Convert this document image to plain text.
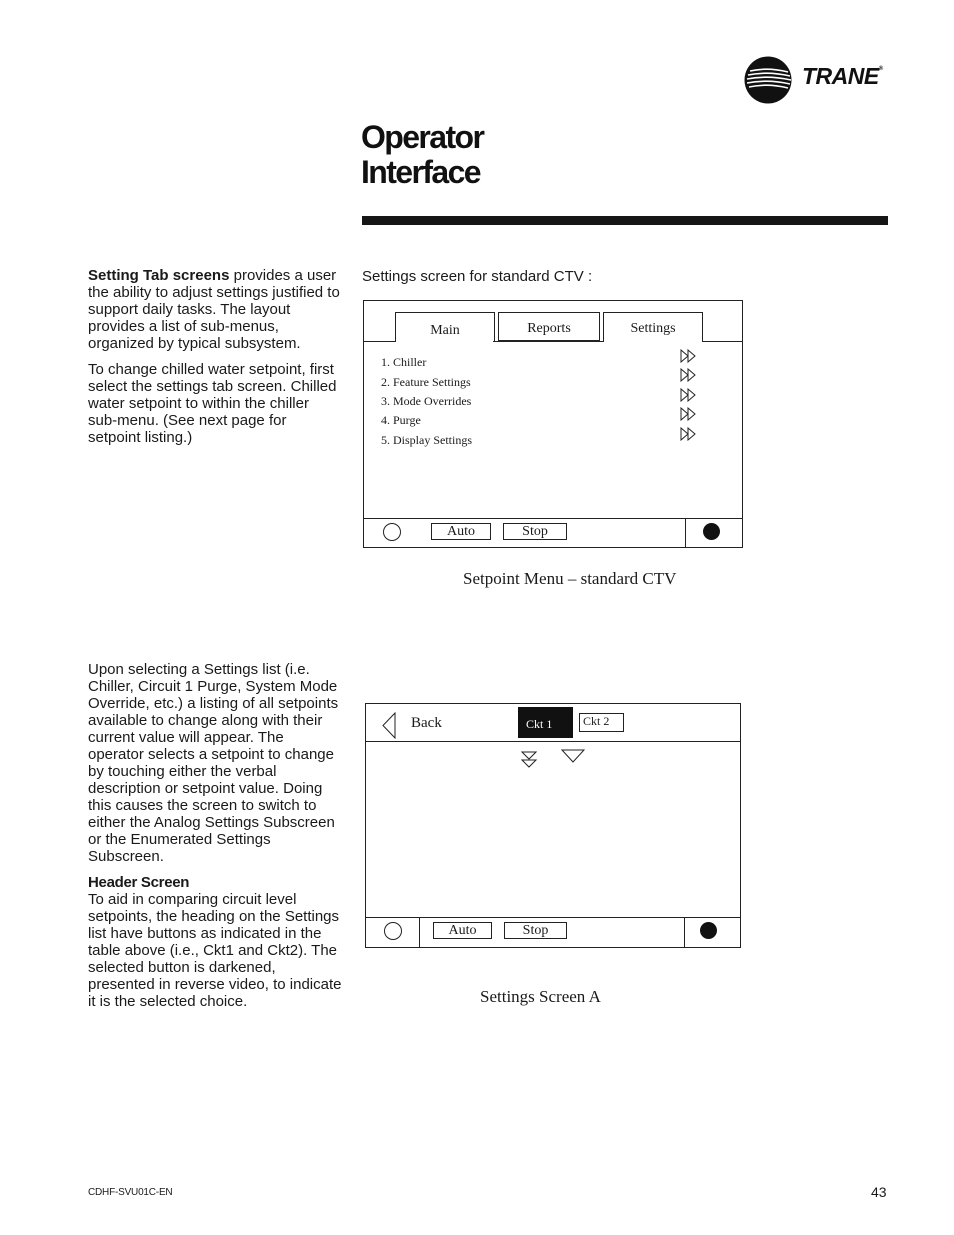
TRANE®
Operator
Interface
Setting Tab screens provides a user the ability to adjust settings justified to support daily tasks. The layout provides a list of sub-menus, organized by typical subsystem.
To change chilled water setpoint, first select the settings tab screen. Chilled water setpoint to within the chiller sub-menu. (See next page for setpoint listing.)
Upon selecting a Settings list (i.e. Chiller, Circuit 1 Purge, System Mode Override, etc.) a listing of all setpoints available to change along with their current value will appear. The operator selects a setpoint to change by touching either the verbal description or setpoint value. Doing this causes the screen to switch to either the Analog Settings Subscreen or the Enumerated Settings Subscreen.
Header Screen
To aid in comparing circuit level setpoints, the heading on the Settings list have buttons as indicated in the table above (i.e., Ckt1 and Ckt2). The selected button is darkened, presented in reverse video, to indicate it is the selected choice.
Settings screen for standard CTV :
Main	Reports	Settings
1. Chiller
2. Feature Settings
3. Mode Overrides
4. Purge
5. Display Settings
Auto	Stop
Setpoint Menu – standard CTV
Back	Ckt 1	Ckt 2
Auto	Stop
Settings Screen A
CDHF-SVU01C-EN	43
